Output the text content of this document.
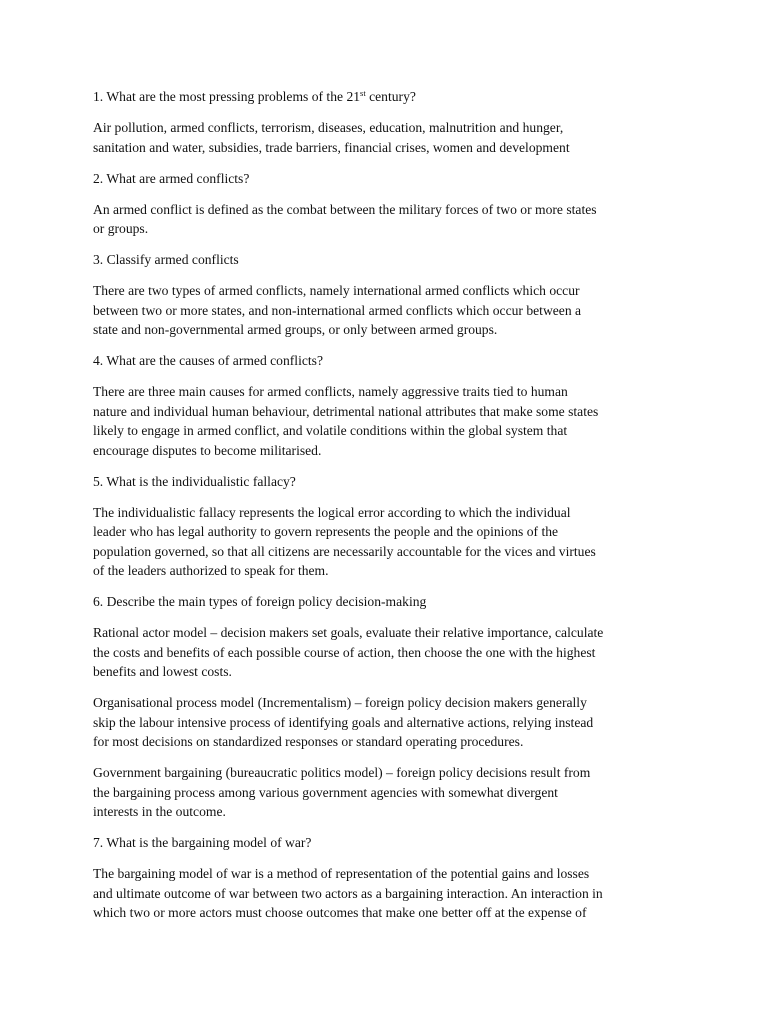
1. What are the most pressing problems of the 21st century?

Air pollution, armed conflicts, terrorism, diseases, education, malnutrition and hunger,
sanitation and water, subsidies, trade barriers, financial crises, women and development

2. What are armed conflicts?

An armed conflict is defined as the combat between the military forces of two or more states
or groups.

3. Classify armed conflicts

There are two types of armed conflicts, namely international armed conflicts which occur
between two or more states, and non-international armed conflicts which occur between a
state and non-governmental armed groups, or only between armed groups.

4. What are the causes of armed conflicts?

There are three main causes for armed conflicts, namely aggressive traits tied to human
nature and individual human behaviour, detrimental national attributes that make some states
likely to engage in armed conflict, and volatile conditions within the global system that
encourage disputes to become militarised.

5. What is the individualistic fallacy?

The individualistic fallacy represents the logical error according to which the individual
leader who has legal authority to govern represents the people and the opinions of the
population governed, so that all citizens are necessarily accountable for the vices and virtues
of the leaders authorized to speak for them.

6. Describe the main types of foreign policy decision-making

Rational actor model – decision makers set goals, evaluate their relative importance, calculate
the costs and benefits of each possible course of action, then choose the one with the highest
benefits and lowest costs.

Organisational process model (Incrementalism) – foreign policy decision makers generally
skip the labour intensive process of identifying goals and alternative actions, relying instead
for most decisions on standardized responses or standard operating procedures.

Government bargaining (bureaucratic politics model) – foreign policy decisions result from
the bargaining process among various government agencies with somewhat divergent
interests in the outcome.

7. What is the bargaining model of war?

The bargaining model of war is a method of representation of the potential gains and losses
and ultimate outcome of war between two actors as a bargaining interaction. An interaction in
which two or more actors must choose outcomes that make one better off at the expense of
